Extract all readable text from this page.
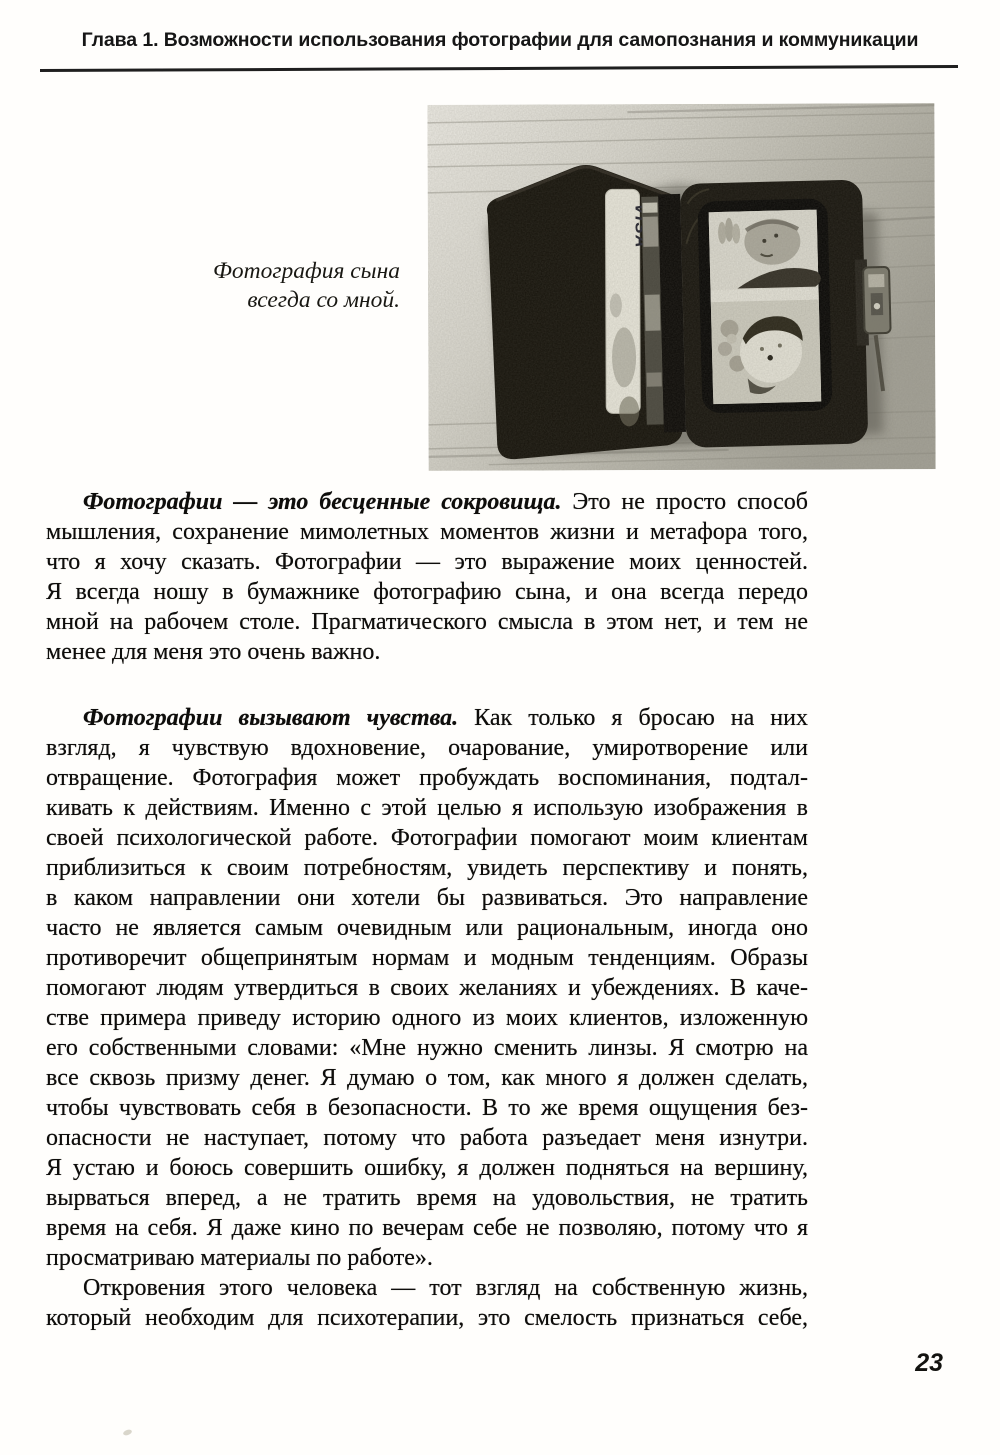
Глава 1. Возможности использования фотографии для самопознания и коммуникации
Фотография сына
всегда со мной.
Фотографии — это бесценные сокровища. Это не просто способ
мышления, сохранение мимолетных моментов жизни и метафора того,
что я хочу сказать. Фотографии — это выражение моих ценностей.
Я всегда ношу в бумажнике фотографию сына, и она всегда передо
мной на рабочем столе. Прагматического смысла в этом нет, и тем не
менее для меня это очень важно.
Фотографии вызывают чувства. Как только я бросаю на них
взгляд, я чувствую вдохновение, очарование, умиротворение или
отвращение. Фотография может пробуждать воспоминания, подтал-
кивать к действиям. Именно с этой целью я использую изображения в
своей психологической работе. Фотографии помогают моим клиентам
приблизиться к своим потребностям, увидеть перспективу и понять,
в каком направлении они хотели бы развиваться. Это направление
часто не является самым очевидным или рациональным, иногда оно
противоречит общепринятым нормам и модным тенденциям. Образы
помогают людям утвердиться в своих желаниях и убеждениях. В каче-
стве примера приведу историю одного из моих клиентов, изложенную
его собственными словами: «Мне нужно сменить линзы. Я смотрю на
все сквозь призму денег. Я думаю о том, как много я должен сделать,
чтобы чувствовать себя в безопасности. В то же время ощущения без-
опасности не наступает, потому что работа разъедает меня изнутри.
Я устаю и боюсь совершить ошибку, я должен подняться на вершину,
вырваться вперед, а не тратить время на удовольствия, не тратить
время на себя. Я даже кино по вечерам себе не позволяю, потому что я
просматриваю материалы по работе».
Откровения этого человека — тот взгляд на собственную жизнь,
который необходим для психотерапии, это смелость признаться себе,
23
